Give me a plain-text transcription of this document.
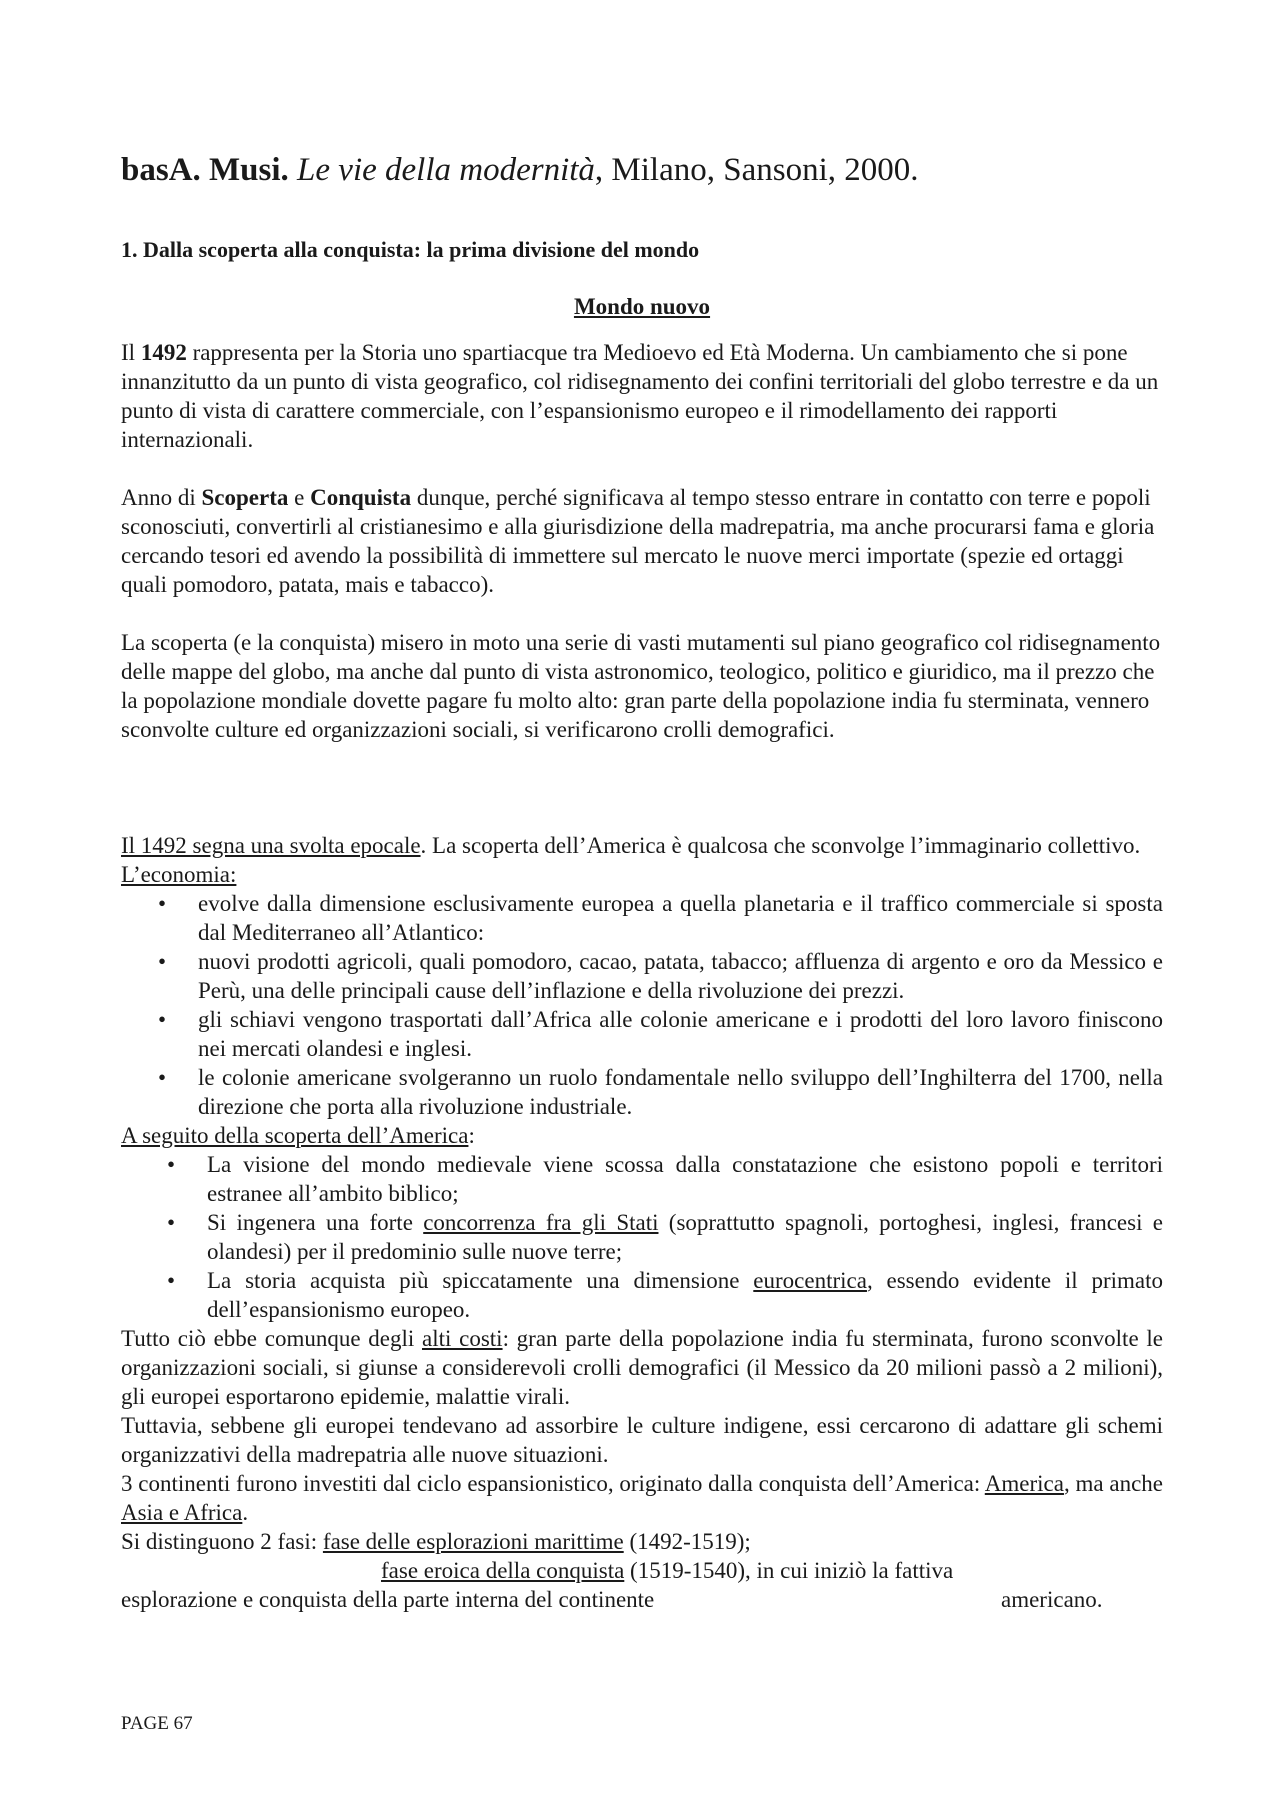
basA. Musi. Le vie della modernità, Milano, Sansoni, 2000.
1. Dalla scoperta alla conquista: la prima divisione del mondo
Mondo nuovo

Il 1492 rappresenta per la Storia uno spartiacque tra Medioevo ed Età Moderna. Un cambiamento che si pone innanzitutto da un punto di vista geografico, col ridisegnamento dei confini territoriali del globo terrestre e da un punto di vista di carattere commerciale, con l’espansionismo europeo e il rimodellamento dei rapporti internazionali.

Anno di Scoperta e Conquista dunque, perché significava al tempo stesso entrare in contatto con terre e popoli sconosciuti, convertirli al cristianesimo e alla giurisdizione della madrepatria, ma anche procurarsi fama e gloria cercando tesori ed avendo la possibilità di immettere sul mercato le nuove merci importate (spezie ed ortaggi quali pomodoro, patata, mais e tabacco).

La scoperta (e la conquista) misero in moto una serie di vasti mutamenti sul piano geografico col ridisegnamento delle mappe del globo, ma anche dal punto di vista astronomico, teologico, politico e giuridico, ma il prezzo che la popolazione mondiale dovette pagare fu molto alto: gran parte della popolazione india fu sterminata, vennero sconvolte culture ed organizzazioni sociali, si verificarono crolli demografici.

Il 1492 segna una svolta epocale. La scoperta dell’America è qualcosa che sconvolge l’immaginario collettivo.

L’economia:

• evolve dalla dimensione esclusivamente europea a quella planetaria e il traffico commerciale si sposta dal Mediterraneo all’Atlantico:
• nuovi prodotti agricoli, quali pomodoro, cacao, patata, tabacco; affluenza di argento e oro da Messico e Perù, una delle principali cause dell’inflazione e della rivoluzione dei prezzi.
• gli schiavi vengono trasportati dall’Africa alle colonie americane e i prodotti del loro lavoro finiscono nei mercati olandesi e inglesi.
• le colonie americane svolgeranno un ruolo fondamentale nello sviluppo dell’Inghilterra del 1700, nella direzione che porta alla rivoluzione industriale.

A seguito della scoperta dell’America:

• La visione del mondo medievale viene scossa dalla constatazione che esistono popoli e territori estranee all’ambito biblico;
• Si ingenera una forte concorrenza fra gli Stati (soprattutto spagnoli, portoghesi, inglesi, francesi e olandesi) per il predominio sulle nuove terre;
• La storia acquista più spiccatamente una dimensione eurocentrica, essendo evidente il primato dell’espansionismo europeo.

Tutto ciò ebbe comunque degli alti costi: gran parte della popolazione india fu sterminata, furono sconvolte le organizzazioni sociali, si giunse a considerevoli crolli demografici (il Messico da 20 milioni passò a 2 milioni), gli europei esportarono epidemie, malattie virali.

Tuttavia, sebbene gli europei tendevano ad assorbire le culture indigene, essi cercarono di adattare gli schemi organizzativi della madrepatria alle nuove situazioni.

3 continenti furono investiti dal ciclo espansionistico, originato dalla conquista dell’America: America, ma anche Asia e Africa.

Si distinguono 2 fasi: fase delle esplorazioni marittime (1492-1519);

fase eroica della conquista (1519-1540), in cui iniziò la fattiva

esplorazione e conquista della parte interna del continente	americano.

PAGE 67
